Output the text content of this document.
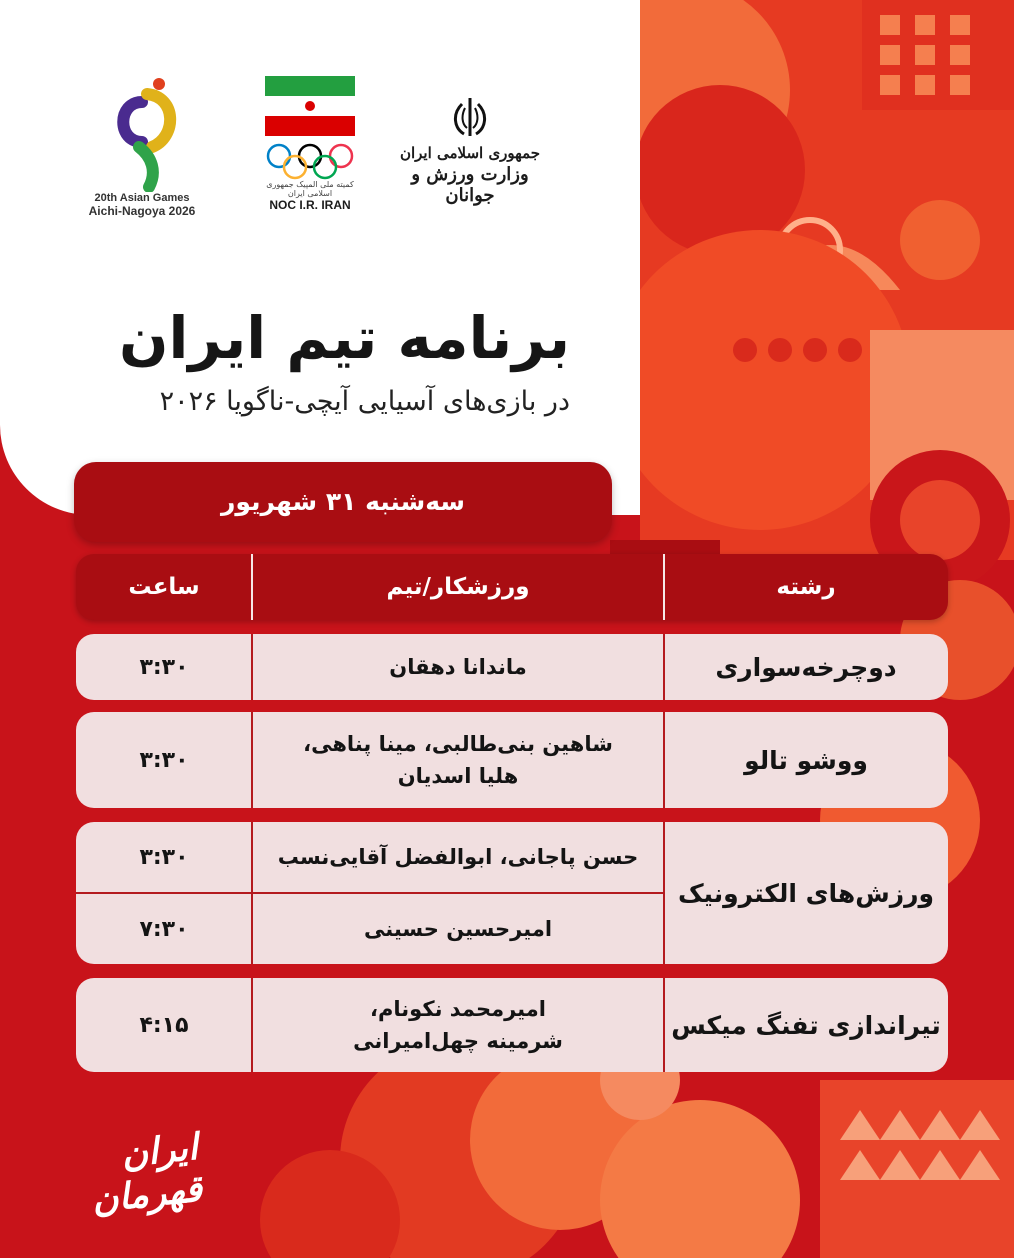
20th Asian Games
Aichi-Nagoya 2026
کمیته ملی المپیک جمهوری اسلامی ایران
NOC I.R. IRAN
جمهوری اسلامی ایران
وزارت ورزش و جوانان
برنامه تیم ایران
در بازی‌های آسیایی آیچی-ناگویا ۲۰۲۶
سه‌شنبه ۳۱ شهریور
رشته
ورزشکار/تیم
ساعت
دوچرخه‌سواری
ماندانا دهقان
۳:۳۰
ووشو تالو
شاهین بنی‌طالبی، مینا پناهی،
هلیا اسدیان
۳:۳۰
ورزش‌های الکترونیک
حسن پاجانی، ابوالفضل آقایی‌نسب
۳:۳۰
امیرحسین حسینی
۷:۳۰
تیراندازی تفنگ میکس
امیرمحمد نکونام،
شرمینه چهل‌امیرانی
۴:۱۵
ایران قهرمان
